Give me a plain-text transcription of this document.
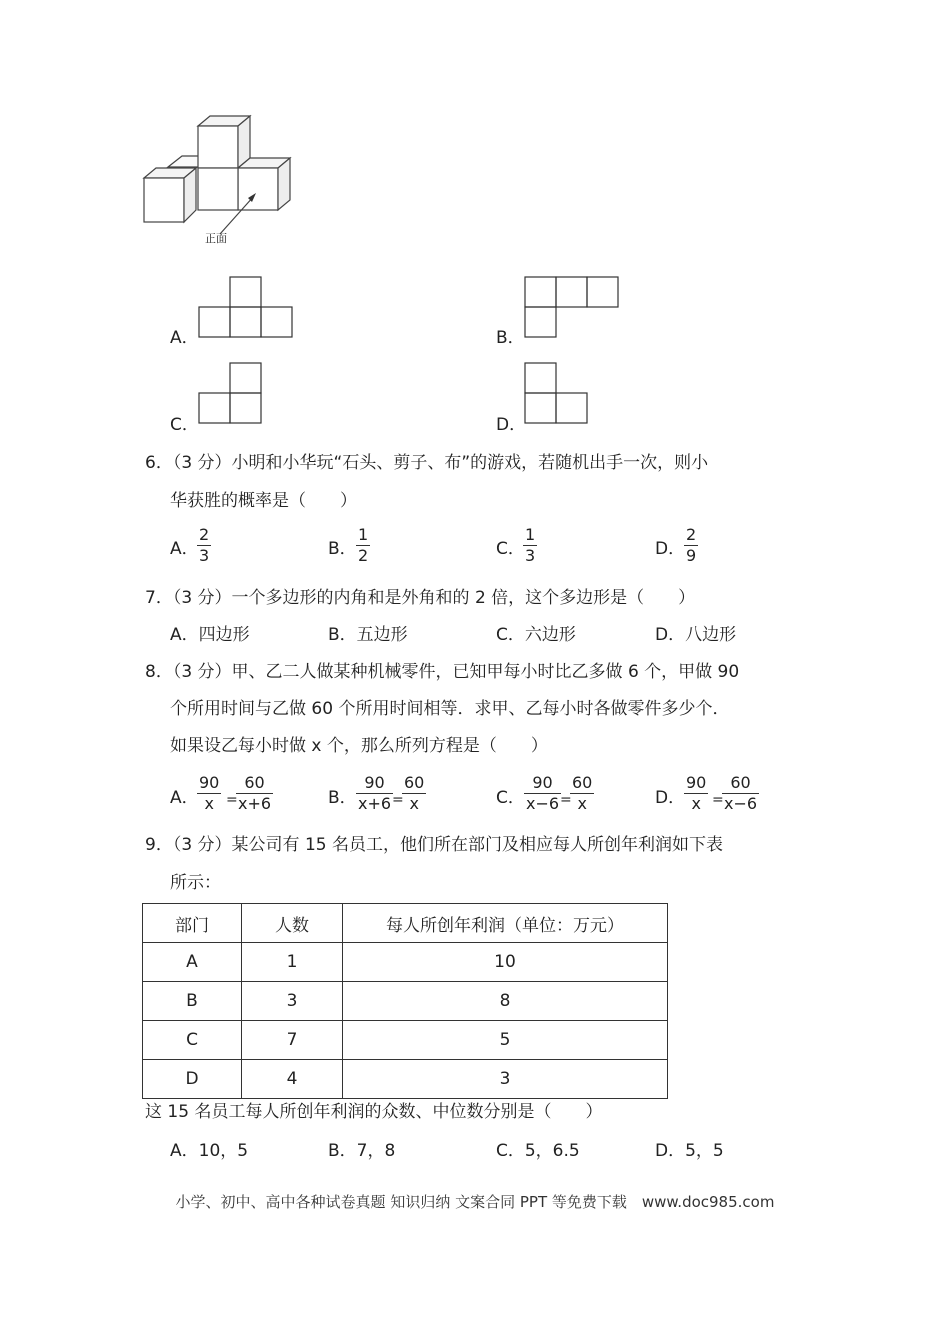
正面
A．	B．
C．	D．
6．（3 分）小明和小华玩“石头、剪子、布”的游戏，若随机出手一次，则小
华获胜的概率是（　　）
A．
2
3	B．
1
2	C．
1
3	D．
2
9
7．（3 分）一个多边形的内角和是外角和的 2 倍，这个多边形是（　　）
A．四边形	B．五边形	C．六边形	D．八边形
8．（3 分）甲、乙二人做某种机械零件，已知甲每小时比乙多做 6 个，甲做 90
个所用时间与乙做 60 个所用时间相等．求甲、乙每小时各做零件多少个．
如果设乙每小时做 x 个，那么所列方程是（　　）
A．
90
x =
60
x+6	B．
90
x+6 =
60
x	C．
90
x−6 =
60
x	D．
90
x =
60
x−6
9．（3 分）某公司有 15 名员工，他们所在部门及相应每人所创年利润如下表
所示：
部门	人数	每人所创年利润（单位：万元）
A	1	10
B	3	8
C	7	5
D	4	3
这 15 名员工每人所创年利润的众数、中位数分别是（　　）
A．10，5	B．7，8	C．5，6.5	D．5，5
小学、初中、高中各种试卷真题 知识归纳 文案合同 PPT 等免费下载　www.doc985.com
